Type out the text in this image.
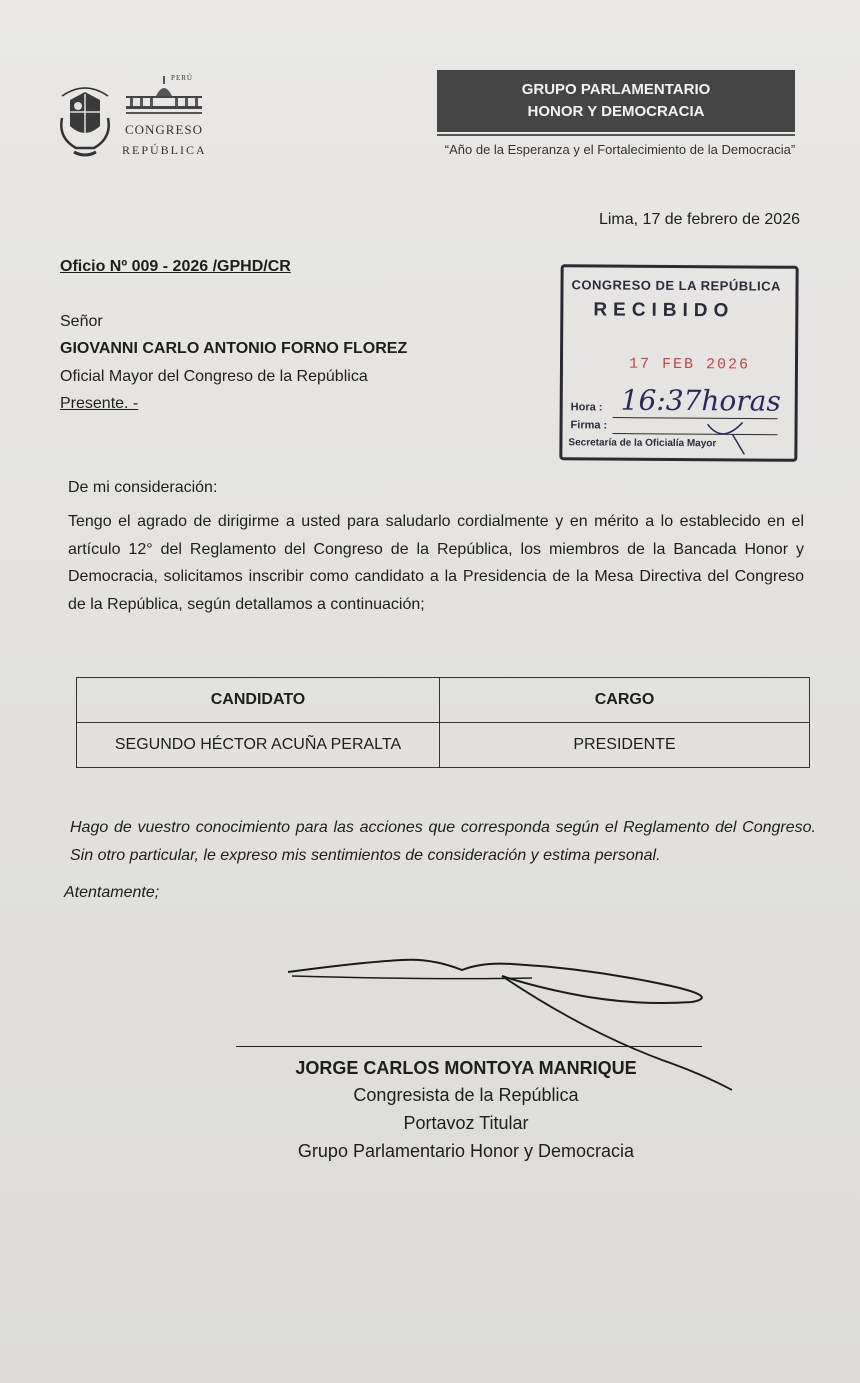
PERÚ
CONGRESO
REPÚBLICA
GRUPO PARLAMENTARIO
HONOR Y DEMOCRACIA
“Año de la Esperanza y el Fortalecimiento de la Democracia”
Lima, 17 de febrero de 2026
Oficio Nº 009 - 2026 /GPHD/CR
Señor
GIOVANNI CARLO ANTONIO FORNO FLOREZ
Oficial Mayor del Congreso de la República
Presente. -
CONGRESO DE LA REPÚBLICA
RECIBIDO
17 FEB 2026
Hora : 16:37horas
Firma :
Secretaría de la Oficialía Mayor
De mi consideración:
Tengo el agrado de dirigirme a usted para saludarlo cordialmente y en mérito a lo establecido en el artículo 12° del Reglamento del Congreso de la República, los miembros de la Bancada Honor y Democracia, solicitamos inscribir como candidato a la Presidencia de la Mesa Directiva del Congreso de la República, según detallamos a continuación;
CANDIDATO	CARGO
SEGUNDO HÉCTOR ACUÑA PERALTA	PRESIDENTE
Hago de vuestro conocimiento para las acciones que corresponda según el Reglamento del Congreso. Sin otro particular, le expreso mis sentimientos de consideración y estima personal.
Atentamente;
JORGE CARLOS MONTOYA MANRIQUE
Congresista de la República
Portavoz Titular
Grupo Parlamentario Honor y Democracia
